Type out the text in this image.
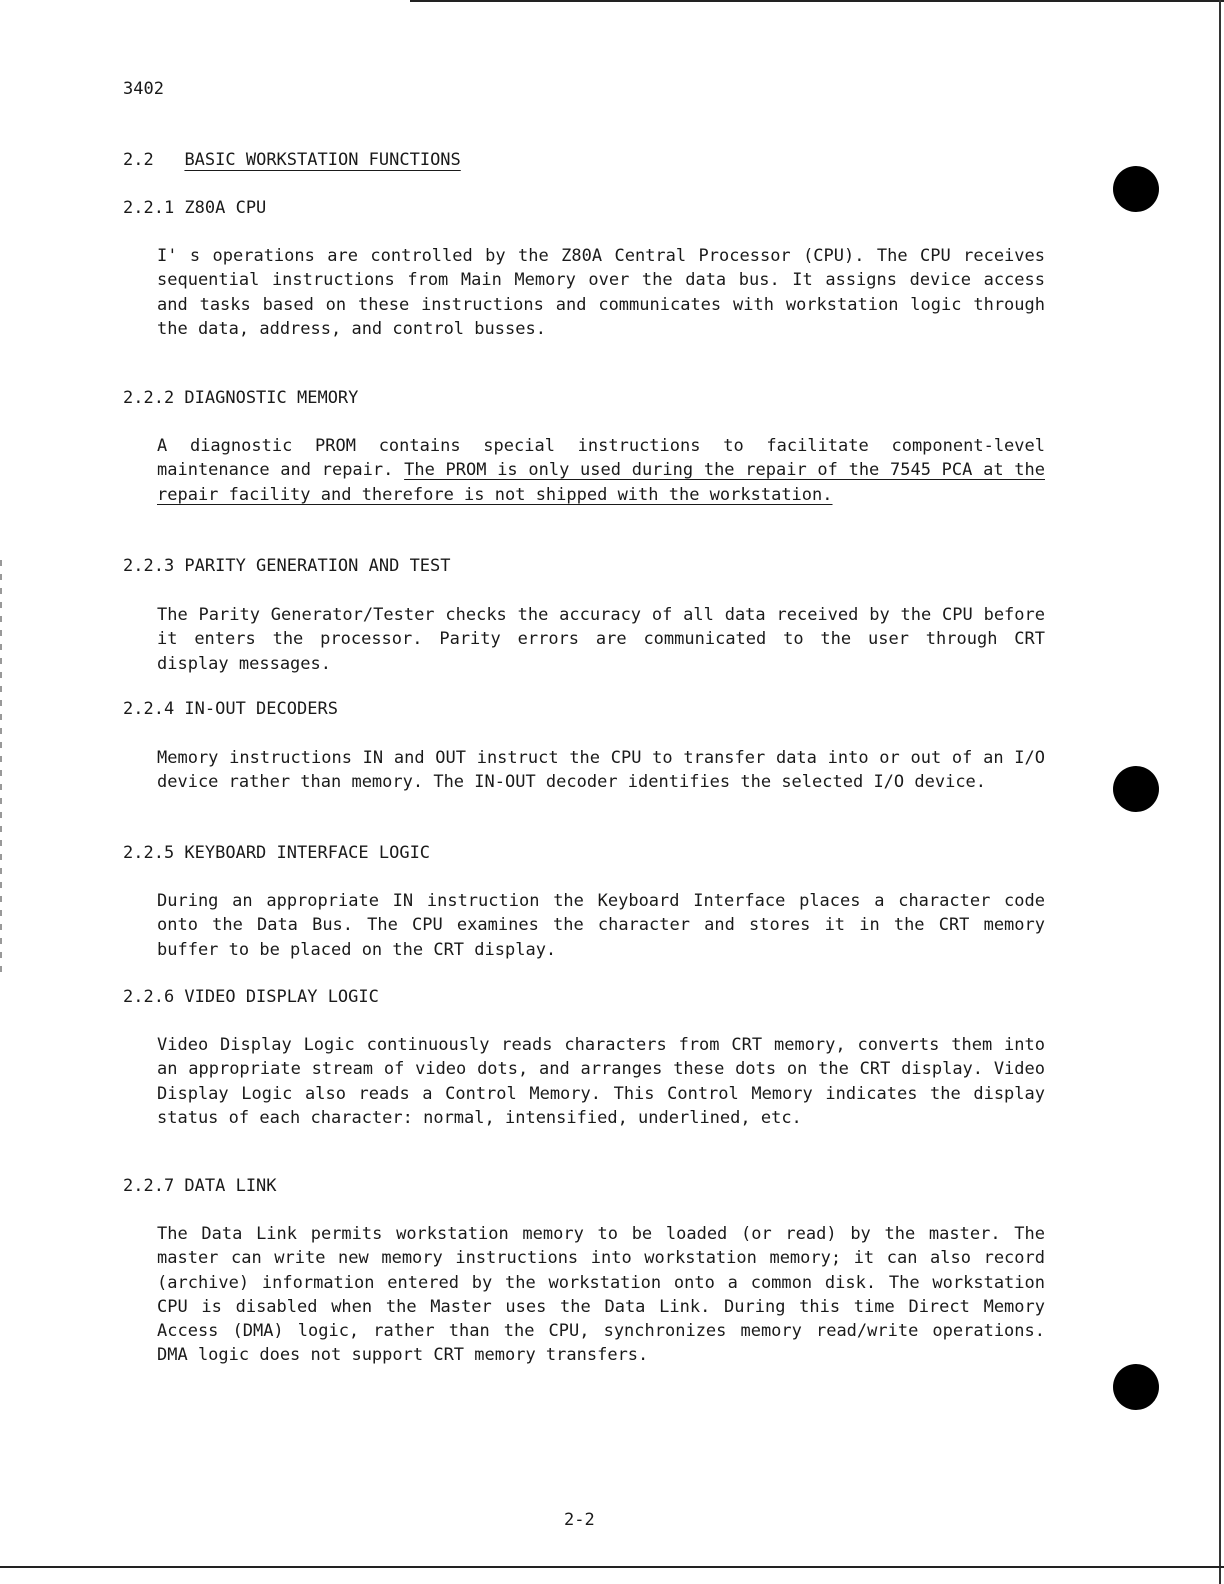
3402
2.2 BASIC WORKSTATION FUNCTIONS
2.2.1 Z80A CPU
I' s operations are controlled by the Z80A Central Processor (CPU). The CPU receives sequential instructions from Main Memory over the data bus. It assigns device access and tasks based on these instructions and communicates with workstation logic through the data, address, and control busses.
2.2.2 DIAGNOSTIC MEMORY
A diagnostic PROM contains special instructions to facilitate component-level maintenance and repair. The PROM is only used during the repair of the 7545 PCA at the repair facility and therefore is not shipped with the workstation.
2.2.3 PARITY GENERATION AND TEST
The Parity Generator/Tester checks the accuracy of all data received by the CPU before it enters the processor. Parity errors are communicated to the user through CRT display messages.
2.2.4 IN-OUT DECODERS
Memory instructions IN and OUT instruct the CPU to transfer data into or out of an I/O device rather than memory. The IN-OUT decoder identifies the selected I/O device.
2.2.5 KEYBOARD INTERFACE LOGIC
During an appropriate IN instruction the Keyboard Interface places a character code onto the Data Bus. The CPU examines the character and stores it in the CRT memory buffer to be placed on the CRT display.
2.2.6 VIDEO DISPLAY LOGIC
Video Display Logic continuously reads characters from CRT memory, converts them into an appropriate stream of video dots, and arranges these dots on the CRT display. Video Display Logic also reads a Control Memory. This Control Memory indicates the display status of each character: normal, intensified, underlined, etc.
2.2.7 DATA LINK
The Data Link permits workstation memory to be loaded (or read) by the master. The master can write new memory instructions into workstation memory; it can also record (archive) information entered by the workstation onto a common disk. The workstation CPU is disabled when the Master uses the Data Link. During this time Direct Memory Access (DMA) logic, rather than the CPU, synchronizes memory read/write operations. DMA logic does not support CRT memory transfers.
2-2
